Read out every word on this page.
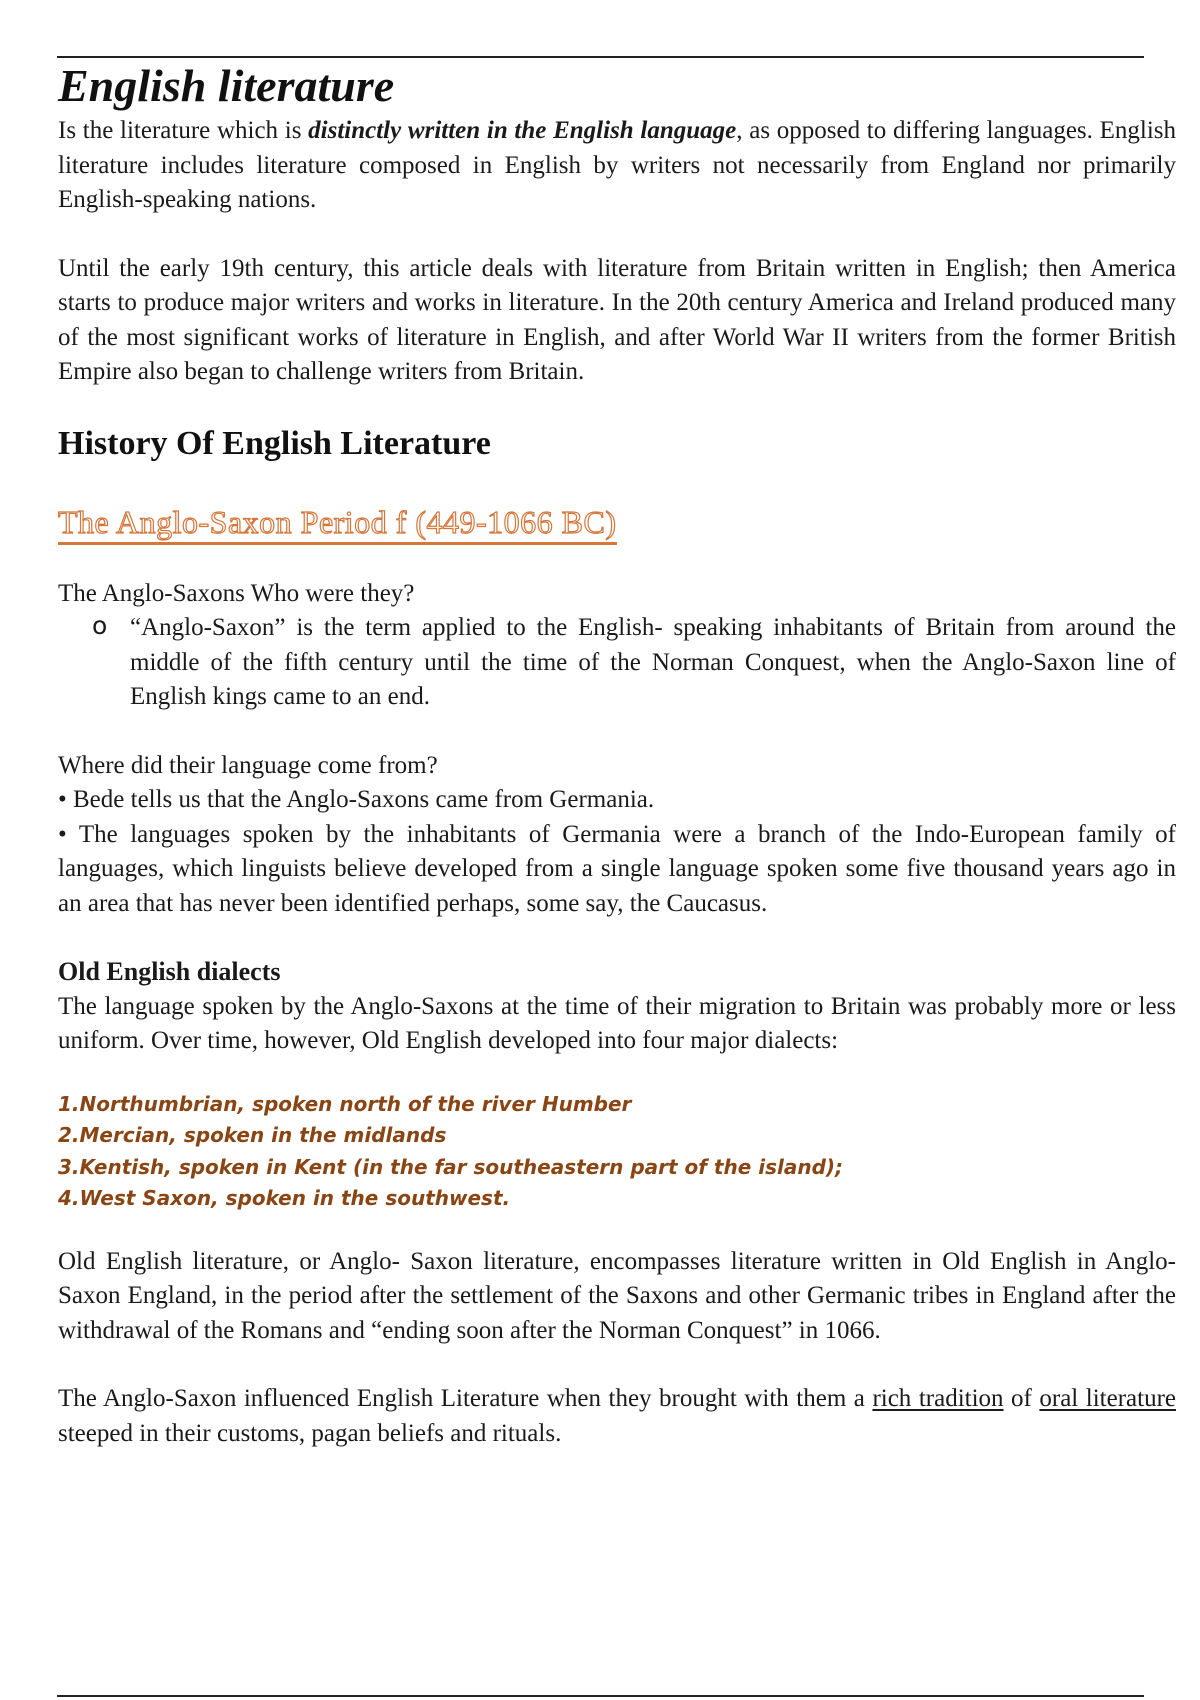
English literature

Is the literature which is distinctly written in the English language, as opposed to differing languages. English literature includes literature composed in English by writers not necessarily from England nor primarily English-speaking nations.

Until the early 19th century, this article deals with literature from Britain written in English; then America starts to produce major writers and works in literature. In the 20th century America and Ireland produced many of the most significant works of literature in English, and after World War II writers from the former British Empire also began to challenge writers from Britain.

History Of English Literature
The Anglo-Saxon Period f (449-1066 BC)

The Anglo-Saxons Who were they?

o “Anglo-Saxon” is the term applied to the English- speaking inhabitants of Britain from around the middle of the fifth century until the time of the Norman Conquest, when the Anglo-Saxon line of English kings came to an end.

Where did their language come from?

• Bede tells us that the Anglo-Saxons came from Germania.

• The languages spoken by the inhabitants of Germania were a branch of the Indo-European family of languages, which linguists believe developed from a single language spoken some five thousand years ago in an area that has never been identified perhaps, some say, the Caucasus.

Old English dialects

The language spoken by the Anglo-Saxons at the time of their migration to Britain was probably more or less uniform. Over time, however, Old English developed into four major dialects:

1.Northumbrian, spoken north of the river Humber
2.Mercian, spoken in the midlands
3.Kentish, spoken in Kent (in the far southeastern part of the island);
4.West Saxon, spoken in the southwest.

Old English literature, or Anglo- Saxon literature, encompasses literature written in Old English in Anglo-Saxon England, in the period after the settlement of the Saxons and other Germanic tribes in England after the withdrawal of the Romans and “ending soon after the Norman Conquest” in 1066.

The Anglo-Saxon influenced English Literature when they brought with them a rich tradition of oral literature steeped in their customs, pagan beliefs and rituals.
